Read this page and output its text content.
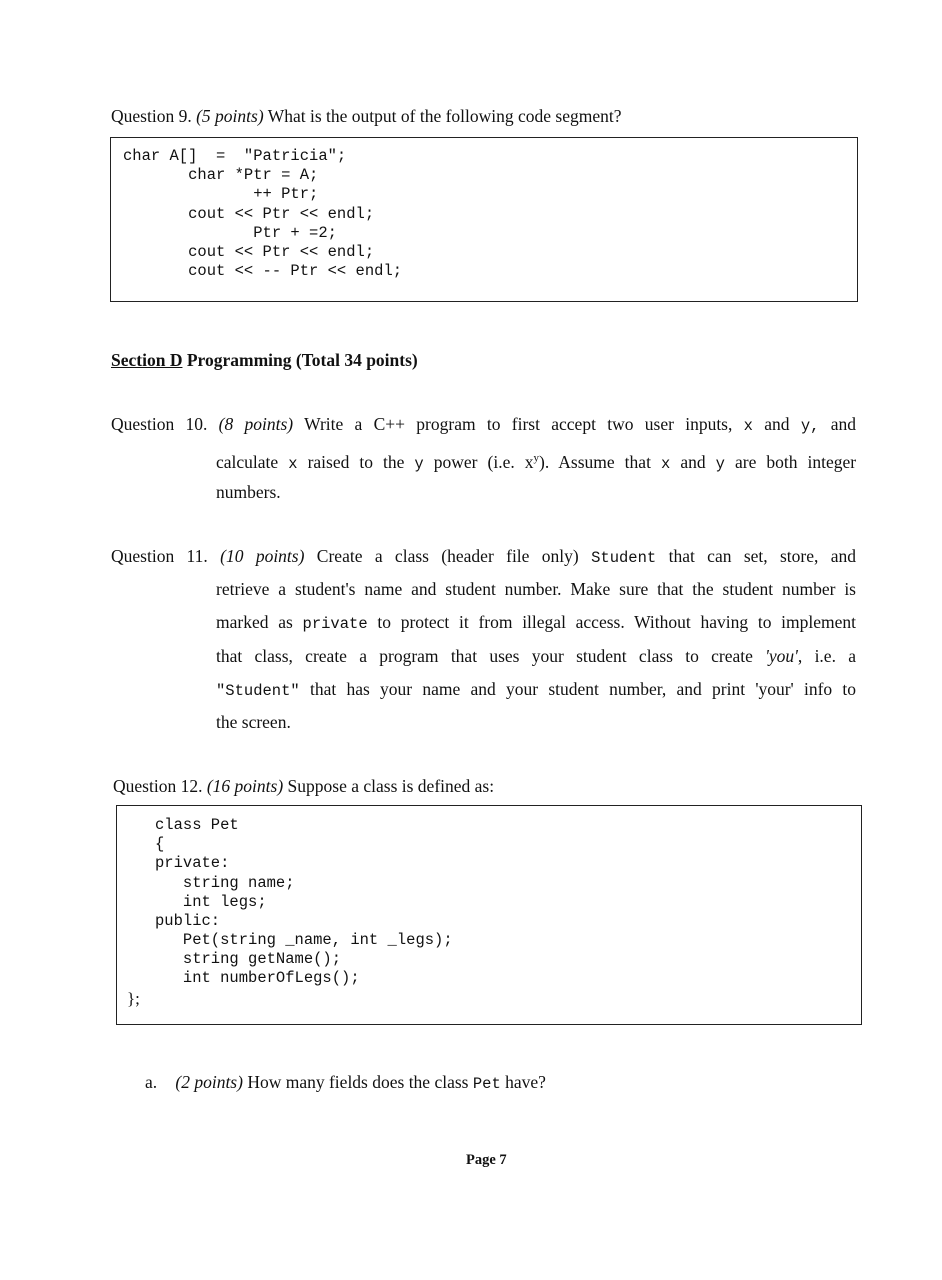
Question 9. (5 points) What is the output of the following code segment?
char A[]  =  "Patricia";
char *Ptr = A;
++ Ptr;
cout << Ptr << endl;
Ptr + =2;
cout << Ptr << endl;
cout << -- Ptr << endl;
Section D Programming (Total 34 points)
Question 10. (8 points) Write a C++ program to first accept two user inputs, x and y, and
calculate x raised to the y power (i.e. $x^y$). Assume that x and y are both integer
numbers.
Question 11. (10 points) Create a class (header file only) Student that can set, store, and
retrieve a student's name and student number. Make sure that the student number is
marked as private to protect it from illegal access. Without having to implement
that class, create a program that uses your student class to create 'you', i.e. a
"Student" that has your name and your student number, and print 'your' info to
the screen.
Question 12. (16 points) Suppose a class is defined as:
class Pet
{
private:
string name;
int legs;
public:
Pet(string _name, int _legs);
string getName();
int numberOfLegs();
};
a. (2 points) How many fields does the class Pet have?
Page 7
